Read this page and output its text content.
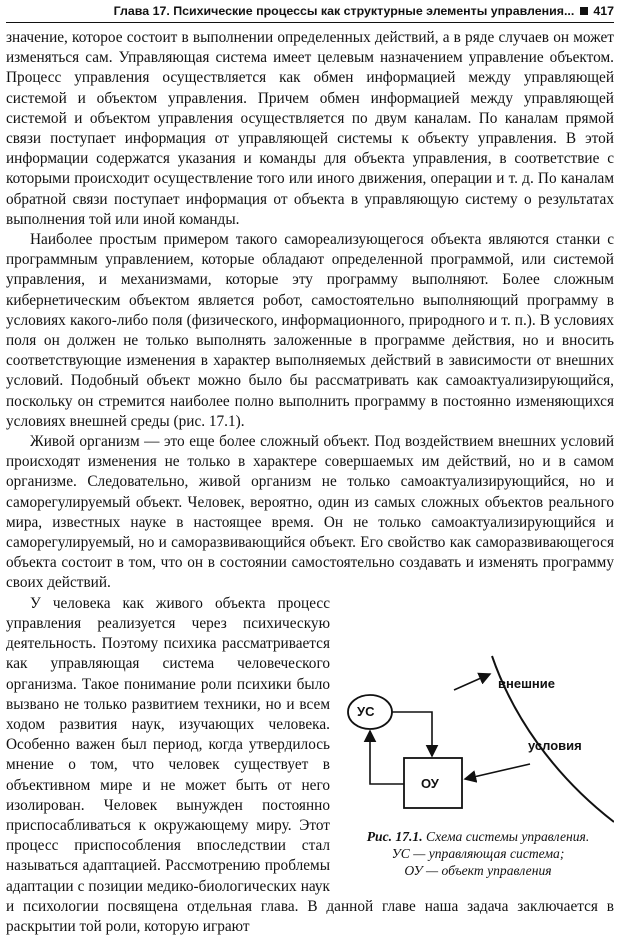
Глава 17. Психические процессы как структурные элементы управления... 417

значение, которое состоит в выполнении определенных действий, а в ряде случаев он может изменяться сам. Управляющая система имеет целевым назначением управление объектом. Процесс управления осуществляется как обмен информацией между управляющей системой и объектом управления. Причем обмен информацией между управляющей системой и объектом управления осуществляется по двум каналам. По каналам прямой связи поступает информация от управляющей системы к объекту управления. В этой информации содержатся указания и команды для объекта управления, в соответствие с которыми происходит осуществление того или иного движения, операции и т. д. По каналам обратной связи поступает информация от объекта в управляющую систему о результатах выполнения той или иной команды.

Наиболее простым примером такого самореализующегося объекта являются станки с программным управлением, которые обладают определенной программой, или системой управления, и механизмами, которые эту программу выполняют. Более сложным кибернетическим объектом является робот, самостоятельно выполняющий программу в условиях какого-либо поля (физического, информационного, природного и т. п.). В условиях поля он должен не только выполнять заложенные в программе действия, но и вносить соответствующие изменения в характер выполняемых действий в зависимости от внешних условий. Подобный объект можно было бы рассматривать как самоактуализирующийся, поскольку он стремится наиболее полно выполнить программу в постоянно изменяющихся условиях внешней среды (рис. 17.1).

Живой организм — это еще более сложный объект. Под воздействием внешних условий происходят изменения не только в характере совершаемых им действий, но и в самом организме. Следовательно, живой организм не только самоактуализирующийся, но и саморегулируемый объект. Человек, вероятно, один из самых сложных объектов реального мира, известных науке в настоящее время. Он не только самоактуализирующийся и саморегулируемый, но и саморазвивающийся объект. Его свойство как саморазвивающегося объекта состоит в том, что он в состоянии самостоятельно создавать и изменять программу своих действий.

УС
ОУ
внешние
условия
Рис. 17.1. Схема системы управления.
УС — управляющая система;
ОУ — объект управления

У человека как живого объекта процесс управления реализуется через психическую деятельность. Поэтому психика рассматривается как управляющая система человеческого организма. Такое понимание роли психики было вызвано не только развитием техники, но и всем ходом развития наук, изучающих человека. Особенно важен был период, когда утвердилось мнение о том, что человек существует в объективном мире и не может быть от него изолирован. Человек вынужден постоянно приспосабливаться к окружающему миру. Этот процесс приспособления впоследствии стал называться адаптацией. Рассмотрению проблемы адаптации с позиции медико-биологических наук и психологии посвящена отдельная глава. В данной главе наша задача заключается в раскрытии той роли, которую играют
